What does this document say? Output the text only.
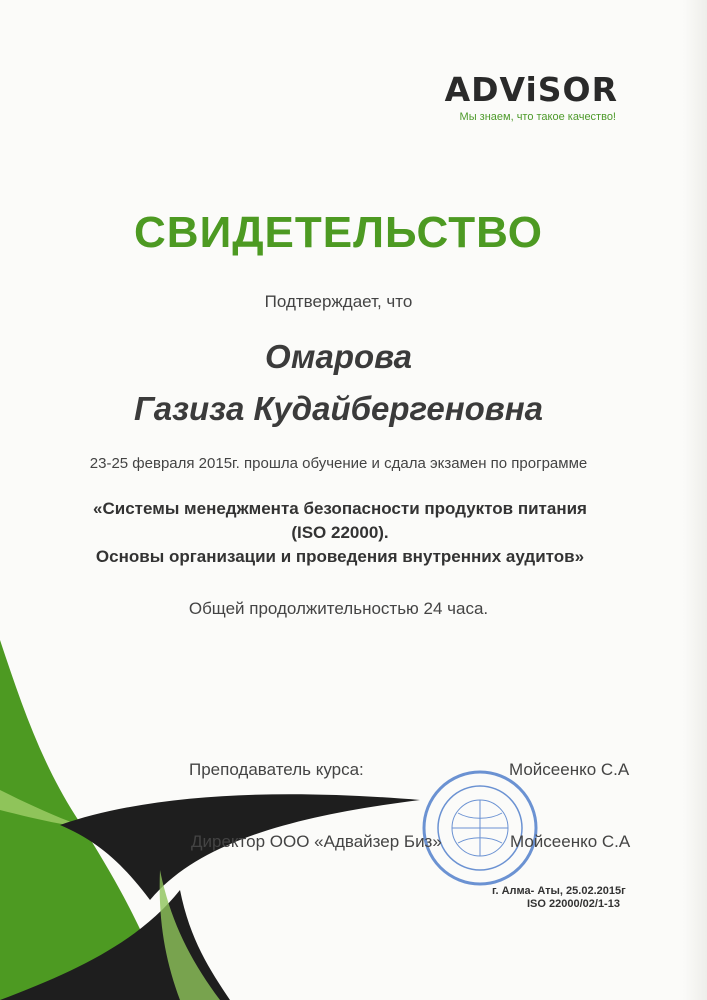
ADViSOR
Мы знаем, что такое качество!
СВИДЕТЕЛЬСТВО
Подтверждает, что
Омарова
Газиза Кудайбергеновна
23-25 февраля 2015г. прошла обучение и сдала экзамен по программе
«Системы менеджмента безопасности продуктов питания
(ISO 22000).
Основы организации и проведения внутренних аудитов»
Общей продолжительностью 24 часа.
Преподаватель курса:	Мойсеенко С.А
Директор ООО «Адвайзер Биз»	Мойсеенко С.А
г. Алма- Аты, 25.02.2015г
ISO 22000/02/1-13
